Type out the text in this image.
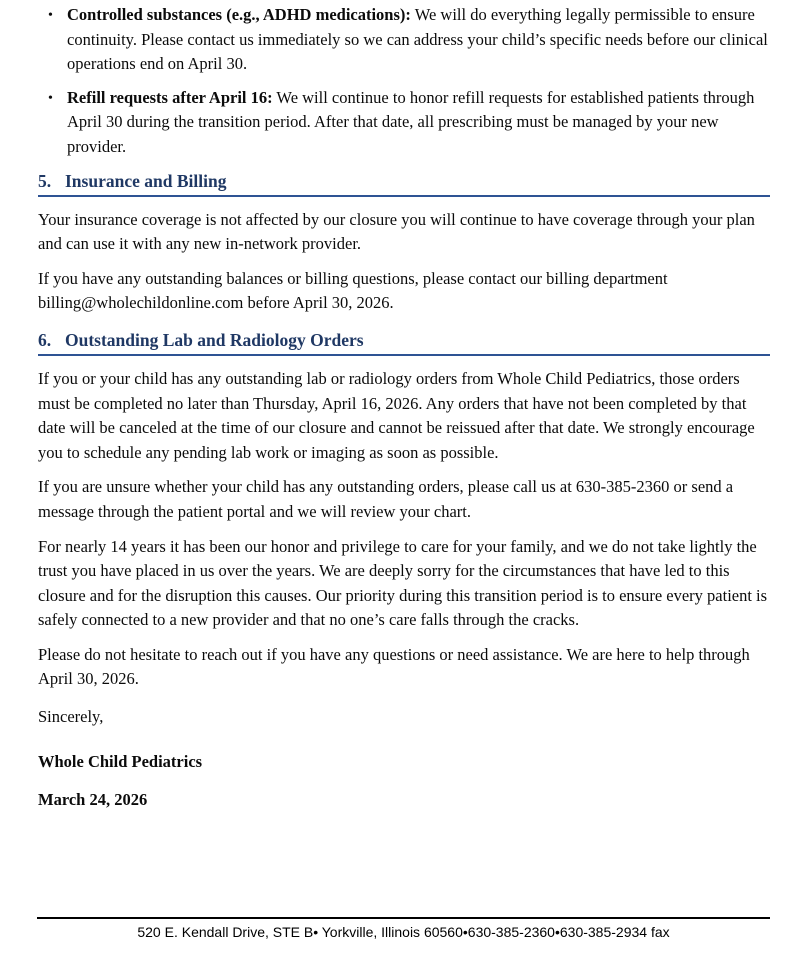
• Controlled substances (e.g., ADHD medications): We will do everything legally permissible to ensure continuity. Please contact us immediately so we can address your child’s specific needs before our clinical operations end on April 30.
• Refill requests after April 16: We will continue to honor refill requests for established patients through April 30 during the transition period. After that date, all prescribing must be managed by your new provider.
5. Insurance and Billing

Your insurance coverage is not affected by our closure you will continue to have coverage through your plan and can use it with any new in-network provider.

If you have any outstanding balances or billing questions, please contact our billing department billing@wholechildonline.com before April 30, 2026.

6. Outstanding Lab and Radiology Orders

If you or your child has any outstanding lab or radiology orders from Whole Child Pediatrics, those orders must be completed no later than Thursday, April 16, 2026. Any orders that have not been completed by that date will be canceled at the time of our closure and cannot be reissued after that date. We strongly encourage you to schedule any pending lab work or imaging as soon as possible.

If you are unsure whether your child has any outstanding orders, please call us at 630-385-2360 or send a message through the patient portal and we will review your chart.

For nearly 14 years it has been our honor and privilege to care for your family, and we do not take lightly the trust you have placed in us over the years. We are deeply sorry for the circumstances that have led to this closure and for the disruption this causes. Our priority during this transition period is to ensure every patient is safely connected to a new provider and that no one’s care falls through the cracks.

Please do not hesitate to reach out if you have any questions or need assistance. We are here to help through April 30, 2026.

Sincerely,

Whole Child Pediatrics

March 24, 2026

520 E. Kendall Drive, STE B• Yorkville, Illinois 60560•630-385-2360•630-385-2934 fax
